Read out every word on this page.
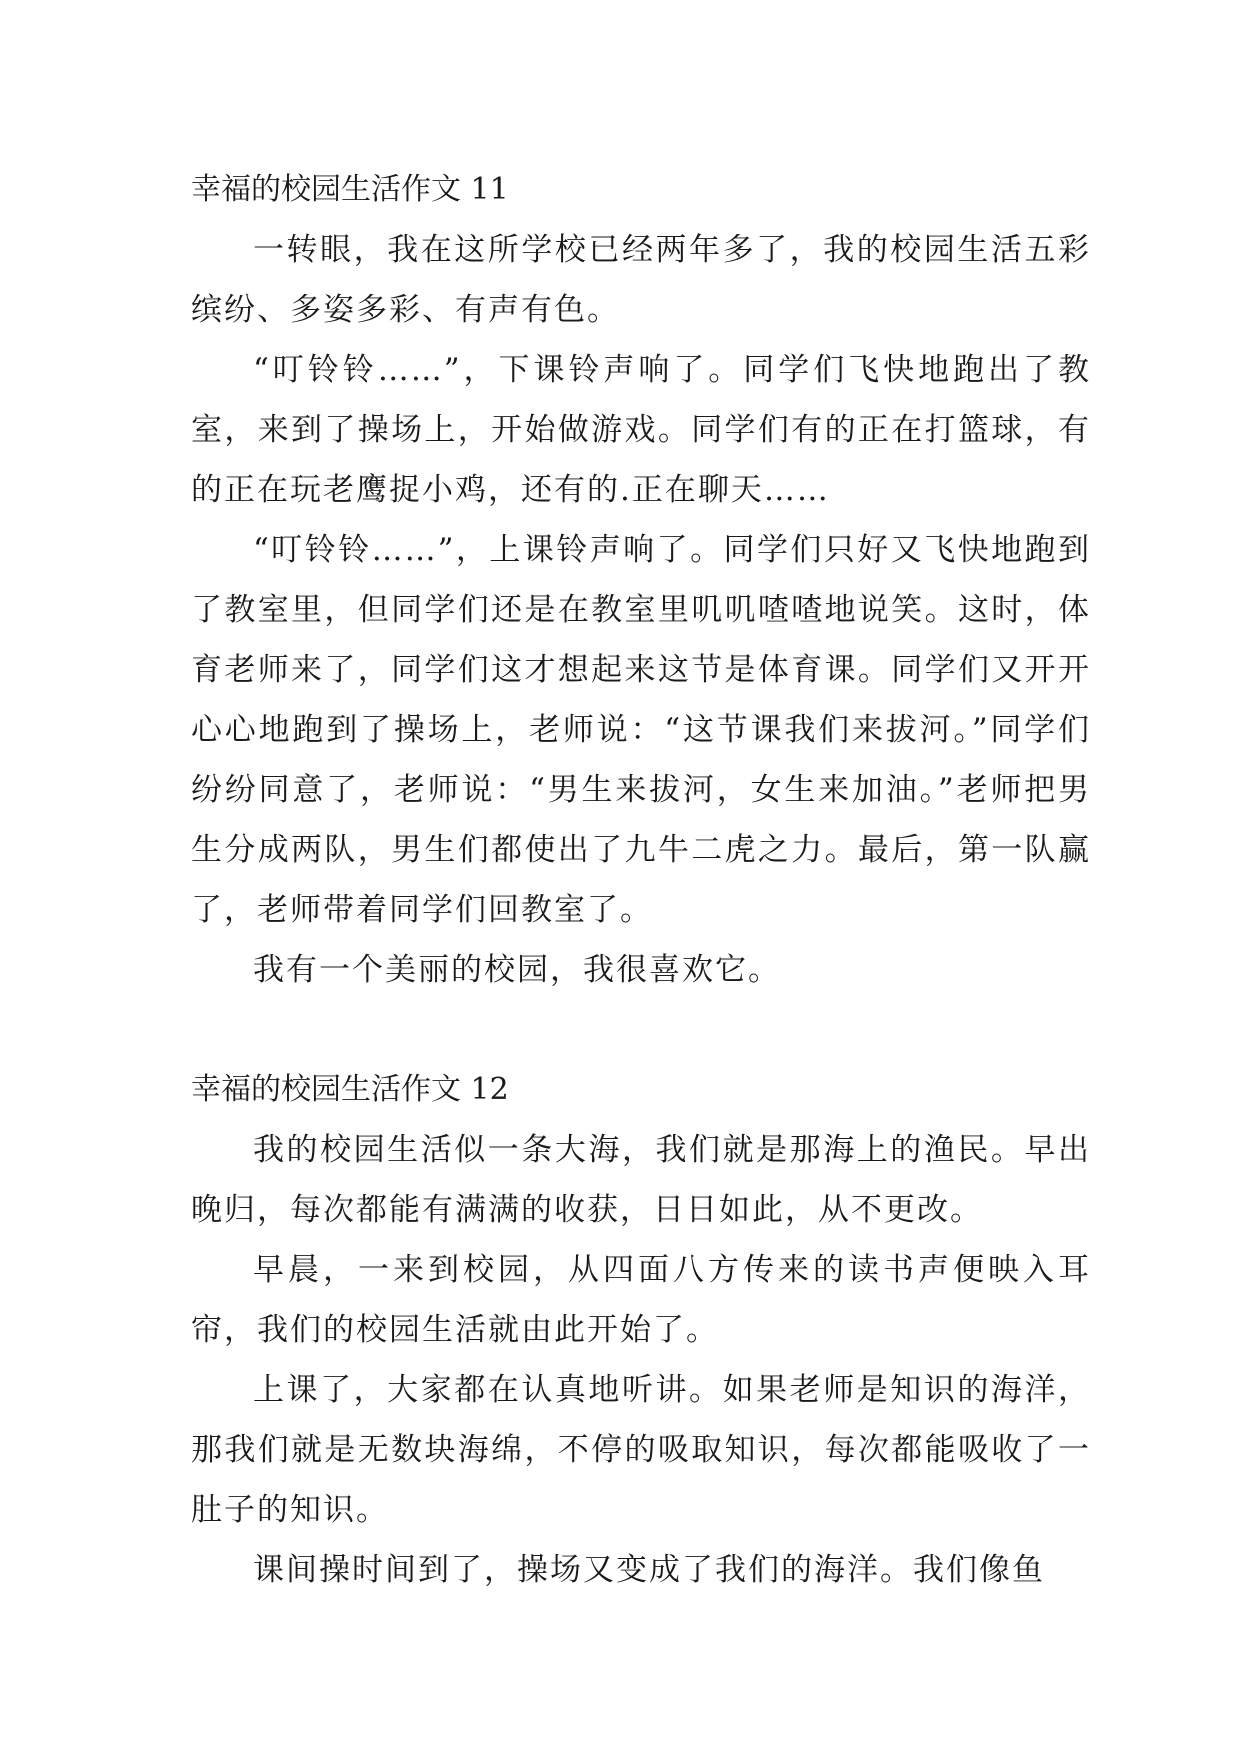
幸福的校园生活作文 11

一转眼，我在这所学校已经两年多了，我的校园生活五彩缤纷、多姿多彩、有声有色。

“叮铃铃……”，下课铃声响了。同学们飞快地跑出了教室，来到了操场上，开始做游戏。同学们有的正在打篮球，有的正在玩老鹰捉小鸡，还有的.正在聊天……

“叮铃铃……”，上课铃声响了。同学们只好又飞快地跑到了教室里，但同学们还是在教室里叽叽喳喳地说笑。这时，体育老师来了，同学们这才想起来这节是体育课。同学们又开开心心地跑到了操场上，老师说：“这节课我们来拔河。”同学们纷纷同意了，老师说：“男生来拔河，女生来加油。”老师把男生分成两队，男生们都使出了九牛二虎之力。最后，第一队赢了，老师带着同学们回教室了。

我有一个美丽的校园，我很喜欢它。

幸福的校园生活作文 12

我的校园生活似一条大海，我们就是那海上的渔民。早出晚归，每次都能有满满的收获，日日如此，从不更改。

早晨，一来到校园，从四面八方传来的读书声便映入耳帘，我们的校园生活就由此开始了。

上课了，大家都在认真地听讲。如果老师是知识的海洋，那我们就是无数块海绵，不停的吸取知识，每次都能吸收了一肚子的知识。

课间操时间到了，操场又变成了我们的海洋。我们像鱼
